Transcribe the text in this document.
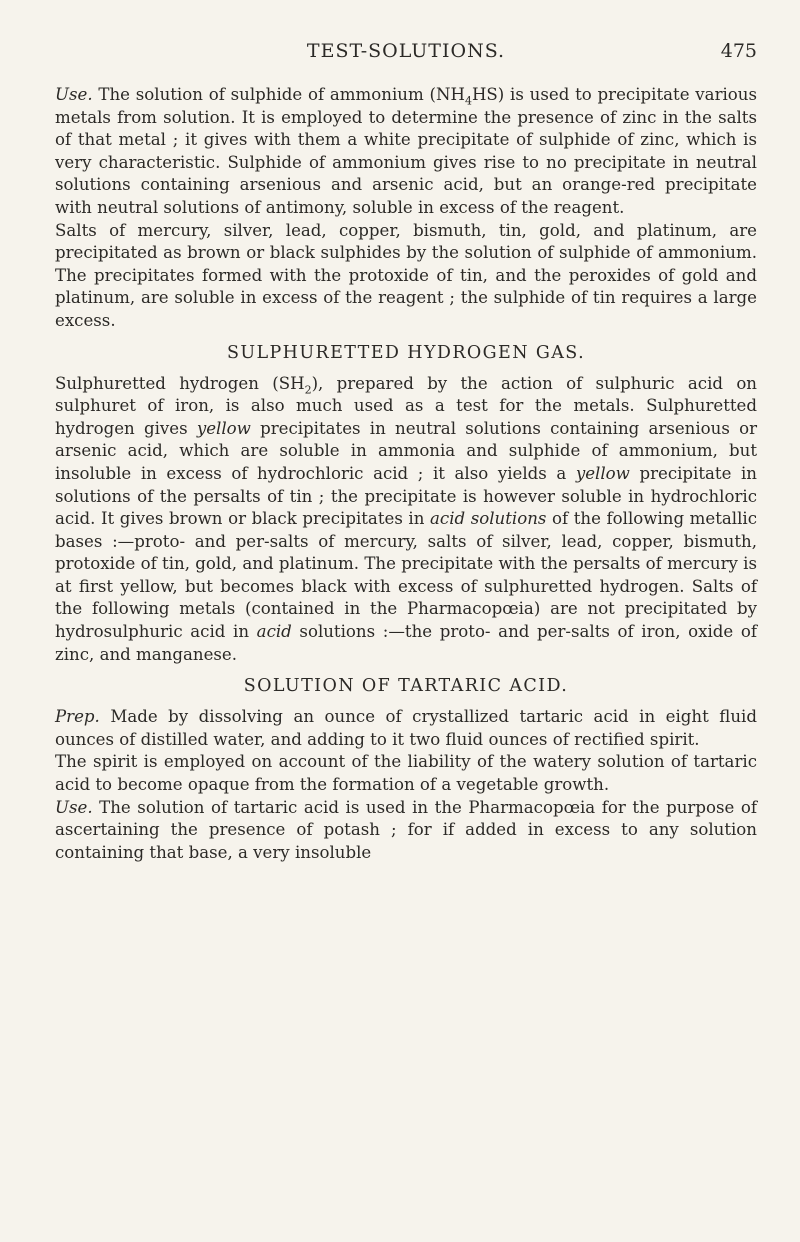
TEST-SOLUTIONS.	475

Use. The solution of sulphide of ammonium $(NH_4HS)$ is used to precipitate various metals from solution. It is employed to determine the presence of zinc in the salts of that metal ; it gives with them a white precipitate of sulphide of zinc, which is very characteristic. Sulphide of ammonium gives rise to no precipitate in neutral solutions containing arsenious and arsenic acid, but an orange-red precipitate with neutral solutions of antimony, soluble in excess of the reagent.

Salts of mercury, silver, lead, copper, bismuth, tin, gold, and platinum, are precipitated as brown or black sulphides by the solution of sulphide of ammonium. The precipitates formed with the protoxide of tin, and the peroxides of gold and platinum, are soluble in excess of the reagent ; the sulphide of tin requires a large excess.

SULPHURETTED HYDROGEN GAS.

Sulphuretted hydrogen $(SH_2)$, prepared by the action of sulphuric acid on sulphuret of iron, is also much used as a test for the metals. Sulphuretted hydrogen gives yellow precipitates in neutral solutions containing arsenious or arsenic acid, which are soluble in ammonia and sulphide of ammonium, but insoluble in excess of hydrochloric acid ; it also yields a yellow precipitate in solutions of the persalts of tin ; the precipitate is however soluble in hydrochloric acid. It gives brown or black precipitates in acid solutions of the following metallic bases :—proto- and per-salts of mercury, salts of silver, lead, copper, bismuth, protoxide of tin, gold, and platinum. The precipitate with the persalts of mercury is at first yellow, but becomes black with excess of sulphuretted hydrogen. Salts of the following metals (contained in the Pharmacopœia) are not precipitated by hydrosulphuric acid in acid solutions :—the proto- and per-salts of iron, oxide of zinc, and manganese.

SOLUTION OF TARTARIC ACID.

Prep. Made by dissolving an ounce of crystallized tartaric acid in eight fluid ounces of distilled water, and adding to it two fluid ounces of rectified spirit.

The spirit is employed on account of the liability of the watery solution of tartaric acid to become opaque from the formation of a vegetable growth.

Use. The solution of tartaric acid is used in the Pharmacopœia for the purpose of ascertaining the presence of potash ; for if added in excess to any solution containing that base, a very insoluble
